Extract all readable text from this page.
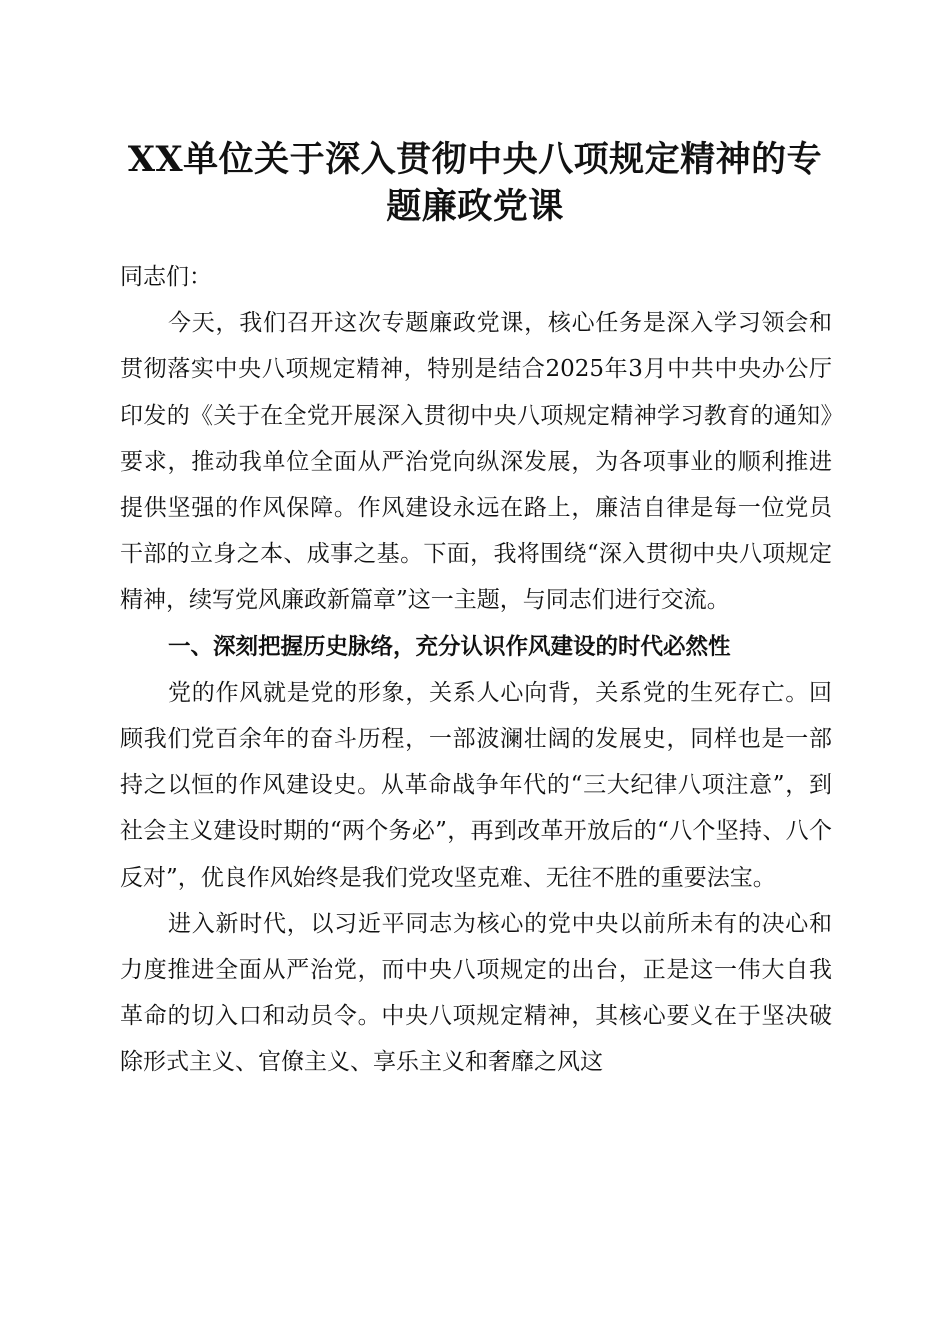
XX单位关于深入贯彻中央八项规定精神的专
题廉政党课

同志们：

今天，我们召开这次专题廉政党课，核心任务是深入学习领会和贯彻落实中央八项规定精神，特别是结合2025年3月中共中央办公厅印发的《关于在全党开展深入贯彻中央八项规定精神学习教育的通知》要求，推动我单位全面从严治党向纵深发展，为各项事业的顺利推进提供坚强的作风保障。作风建设永远在路上，廉洁自律是每一位党员干部的立身之本、成事之基。下面，我将围绕“深入贯彻中央八项规定精神，续写党风廉政新篇章”这一主题，与同志们进行交流。

一、深刻把握历史脉络，充分认识作风建设的时代必然性

党的作风就是党的形象，关系人心向背，关系党的生死存亡。回顾我们党百余年的奋斗历程，一部波澜壮阔的发展史，同样也是一部持之以恒的作风建设史。从革命战争年代的“三大纪律八项注意”，到社会主义建设时期的“两个务必”，再到改革开放后的“八个坚持、八个反对”，优良作风始终是我们党攻坚克难、无往不胜的重要法宝。

进入新时代，以习近平同志为核心的党中央以前所未有的决心和力度推进全面从严治党，而中央八项规定的出台，正是这一伟大自我革命的切入口和动员令。中央八项规定精神，其核心要义在于坚决破除形式主义、官僚主义、享乐主义和奢靡之风这
